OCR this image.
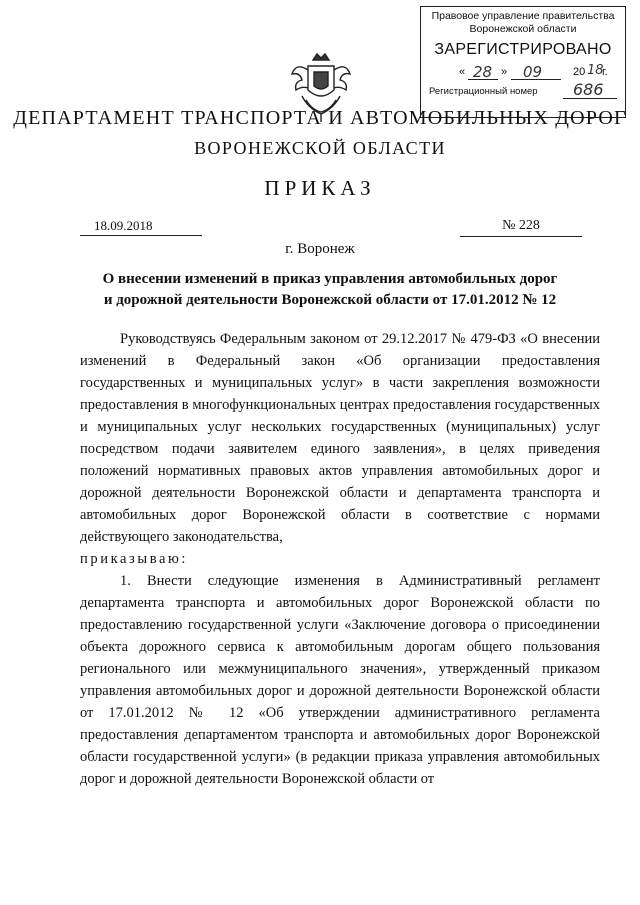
Правовое управление правительства
Воронежской области
ЗАРЕГИСТРИРОВАНО
« 28 » 09	20 18
г.
Регистрационный номер 686
ДЕПАРТАМЕНТ ТРАНСПОРТА И АВТОМОБИЛЬНЫХ ДОРОГ
ВОРОНЕЖСКОЙ ОБЛАСТИ
ПРИКАЗ
18.09.2018	№ 228
г. Воронеж
О внесении изменений в приказ управления автомобильных дорог и дорожной деятельности Воронежской области от 17.01.2012 № 12

Руководствуясь Федеральным законом от 29.12.2017 № 479-ФЗ «О внесении изменений в Федеральный закон «Об организации предоставления государственных и муниципальных услуг» в части закрепления возможности предоставления в многофункциональных центрах предоставления государственных и муниципальных услуг нескольких государственных (муниципальных) услуг посредством подачи заявителем единого заявления», в целях приведения положений нормативных правовых актов управления автомобильных дорог и дорожной деятельности Воронежской области и департамента транспорта и автомобильных дорог Воронежской области в соответствие с нормами действующего законодательства,

приказываю:

1. Внести следующие изменения в Административный регламент департамента транспорта и автомобильных дорог Воронежской области по предоставлению государственной услуги «Заключение договора о присоединении объекта дорожного сервиса к автомобильным дорогам общего пользования регионального или межмуниципального значения», утвержденный приказом управления автомобильных дорог и дорожной деятельности Воронежской области от 17.01.2012 № 12 «Об утверждении административного регламента предоставления департаментом транспорта и автомобильных дорог Воронежской области государственной услуги» (в редакции приказа управления автомобильных дорог и дорожной деятельности Воронежской области от
